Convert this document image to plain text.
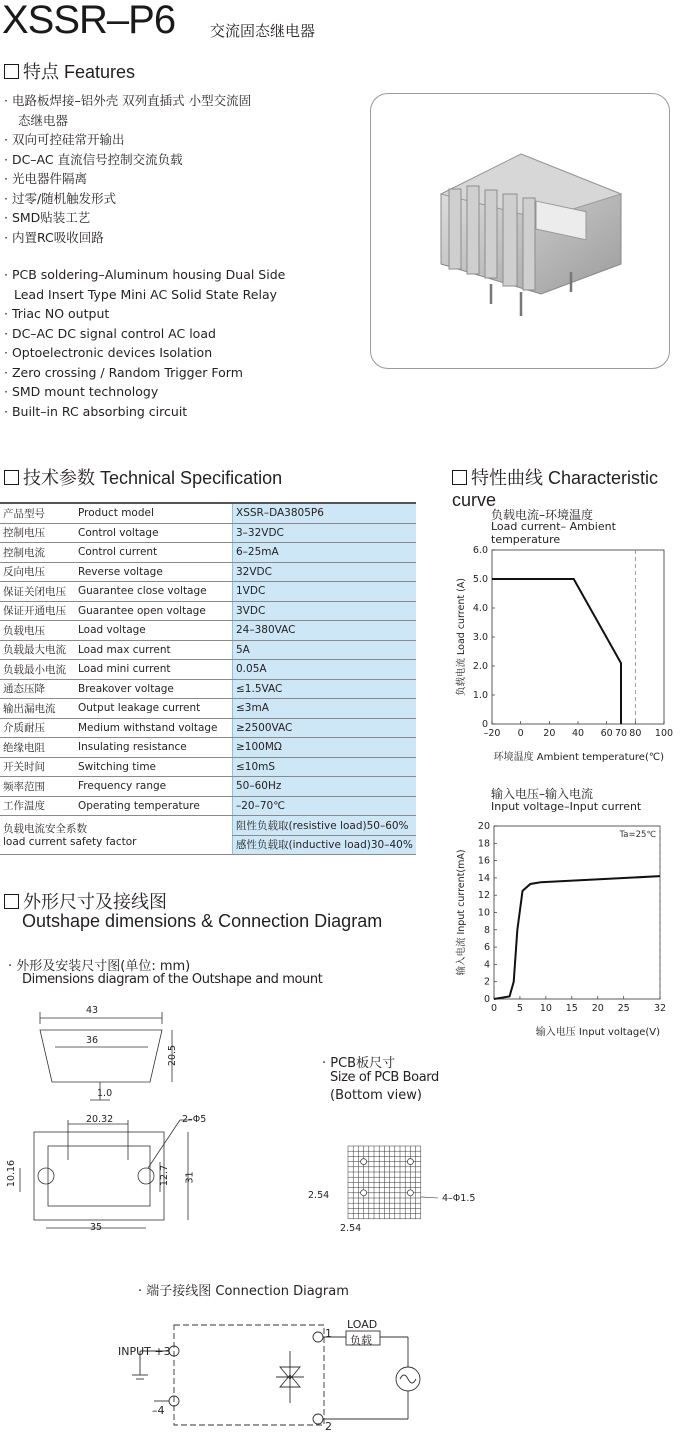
XSSR–P6 交流固态继电器
特点 Features
· 电路板焊接–铝外壳 双列直插式 小型交流固
态继电器
· 双向可控硅常开输出
· DC–AC 直流信号控制交流负载
· 光电器件隔离
· 过零/随机触发形式
· SMD贴装工艺
· 内置RC吸收回路
· PCB soldering–Aluminum housing Dual Side
Lead Insert Type Mini AC Solid State Relay
· Triac NO output
· DC–AC DC signal control AC load
· Optoelectronic devices Isolation
· Zero crossing / Random Trigger Form
· SMD mount technology
· Built–in RC absorbing circuit
技术参数 Technical Specification
产品型号	Product model	XSSR–DA3805P6
控制电压	Control voltage	3–32VDC
控制电流	Control current	6–25mA
反向电压	Reverse voltage	32VDC
保证关闭电压	Guarantee close voltage	1VDC
保证开通电压	Guarantee open voltage	3VDC
负载电压	Load voltage	24–380VAC
负载最大电流	Load max current	5A
负载最小电流	Load mini current	0.05A
通态压降	Breakover voltage	≤1.5VAC
输出漏电流	Output leakage current	≤3mA
介质耐压	Medium withstand voltage	≥2500VAC
绝缘电阻	Insulating resistance	≥100MΩ
开关时间	Switching time	≤10mS
频率范围	Frequency range	50–60Hz
工作温度	Operating temperature	–20–70℃
负载电流安全系数
load current safety factor		阻性负载取(resistive load)50–60%
		感性负载取(inductive load)30–40%
特性曲线 Characteristic curve
负载电流–环境温度
Load current– Ambient temperature
0
1.0
2.0
3.0
4.0
5.0
6.0
–20 0 20 40 60 70 80 100
负载电流 Load current (A)
环境温度 Ambient temperature(℃)
输入电压–输入电流
Input voltage–Input current
0
2
4
6
8
10
12
14
16
18
20
0 5 10 15 20 25	32
输入电流 Input current(mA)
输入电压 Input voltage(V)
Ta=25℃
外形尺寸及接线图
Outshape dimensions & Connection Diagram
· 外形及安装尺寸图(单位: mm)
Dimensions diagram of the Outshape and mount
43
36
20.5
1.0
20.32	2–Φ5
10.16	12.7 31
35
· PCB板尺寸
Size of PCB Board
(Bottom view)
2.54
2.54
4–Φ1.5
· 端子接线图 Connection Diagram
LOAD
负载
INPUT +3
–4
1
2
